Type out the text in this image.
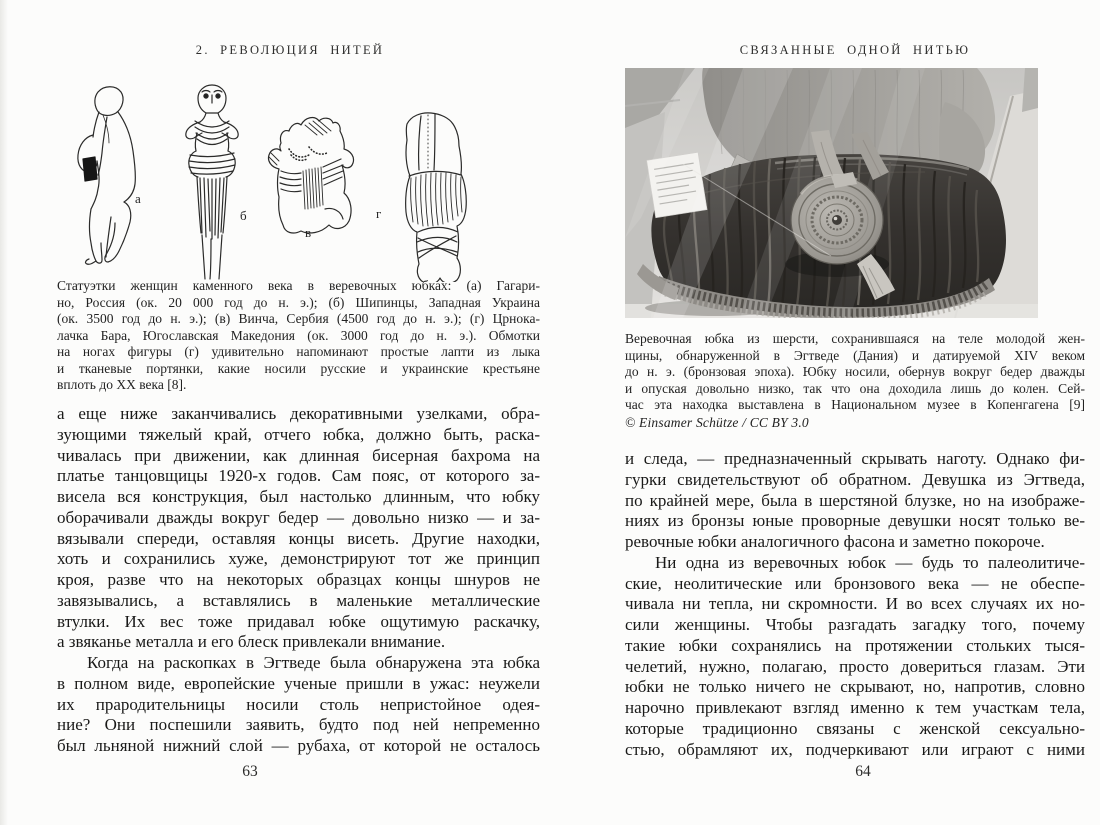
2. РЕВОЛЮЦИЯ НИТЕЙ
а
б
в
г
Статуэтки женщин каменного века в веревочных юбках: (а) Гагари-
но, Россия (ок. 20 000 год до н. э.); (б) Шипинцы, Западная Украина
(ок. 3500 год до н. э.); (в) Винча, Сербия (4500 год до н. э.); (г) Црнока-
лачка Бара, Югославская Македония (ок. 3000 год до н. э.). Обмотки
на ногах фигуры (г) удивительно напоминают простые лапти из лыка
и тканевые портянки, какие носили русские и украинские крестьяне
вплоть до XX века [8].
а еще ниже заканчивались декоративными узелками, обра-
зующими тяжелый край, отчего юбка, должно быть, раска-
чивалась при движении, как длинная бисерная бахрома на
платье танцовщицы 1920-х годов. Сам пояс, от которого за-
висела вся конструкция, был настолько длинным, что юбку
оборачивали дважды вокруг бедер — довольно низко — и за-
вязывали спереди, оставляя концы висеть. Другие находки,
хоть и сохранились хуже, демонстрируют тот же принцип
кроя, разве что на некоторых образцах концы шнуров не
завязывались, а вставлялись в маленькие металлические
втулки. Их вес тоже придавал юбке ощутимую раскачку,
а звяканье металла и его блеск привлекали внимание.
Когда на раскопках в Эгтведе была обнаружена эта юбка
в полном виде, европейские ученые пришли в ужас: неужели
их прародительницы носили столь непристойное одея-
ние? Они поспешили заявить, будто под ней непременно
был льняной нижний слой — рубаха, от которой не осталось
63
СВЯЗАННЫЕ ОДНОЙ НИТЬЮ
Веревочная юбка из шерсти, сохранившаяся на теле молодой жен-
щины, обнаруженной в Эгтведе (Дания) и датируемой XIV веком
до н. э. (бронзовая эпоха). Юбку носили, обернув вокруг бедер дважды
и опуская довольно низко, так что она доходила лишь до колен. Сей-
час эта находка выставлена в Национальном музее в Копенгагена [9]
© Einsamer Schütze / CC BY 3.0
и следа, — предназначенный скрывать наготу. Однако фи-
гурки свидетельствуют об обратном. Девушка из Эгтведа,
по крайней мере, была в шерстяной блузке, но на изображе-
ниях из бронзы юные проворные девушки носят только ве-
ревочные юбки аналогичного фасона и заметно покороче.
Ни одна из веревочных юбок — будь то палеолитиче-
ские, неолитические или бронзового века — не обеспе-
чивала ни тепла, ни скромности. И во всех случаях их но-
сили женщины. Чтобы разгадать загадку того, почему
такие юбки сохранялись на протяжении стольких тыся-
челетий, нужно, полагаю, просто довериться глазам. Эти
юбки не только ничего не скрывают, но, напротив, словно
нарочно привлекают взгляд именно к тем участкам тела,
которые традиционно связаны с женской сексуально-
стью, обрамляют их, подчеркивают или играют с ними
64
